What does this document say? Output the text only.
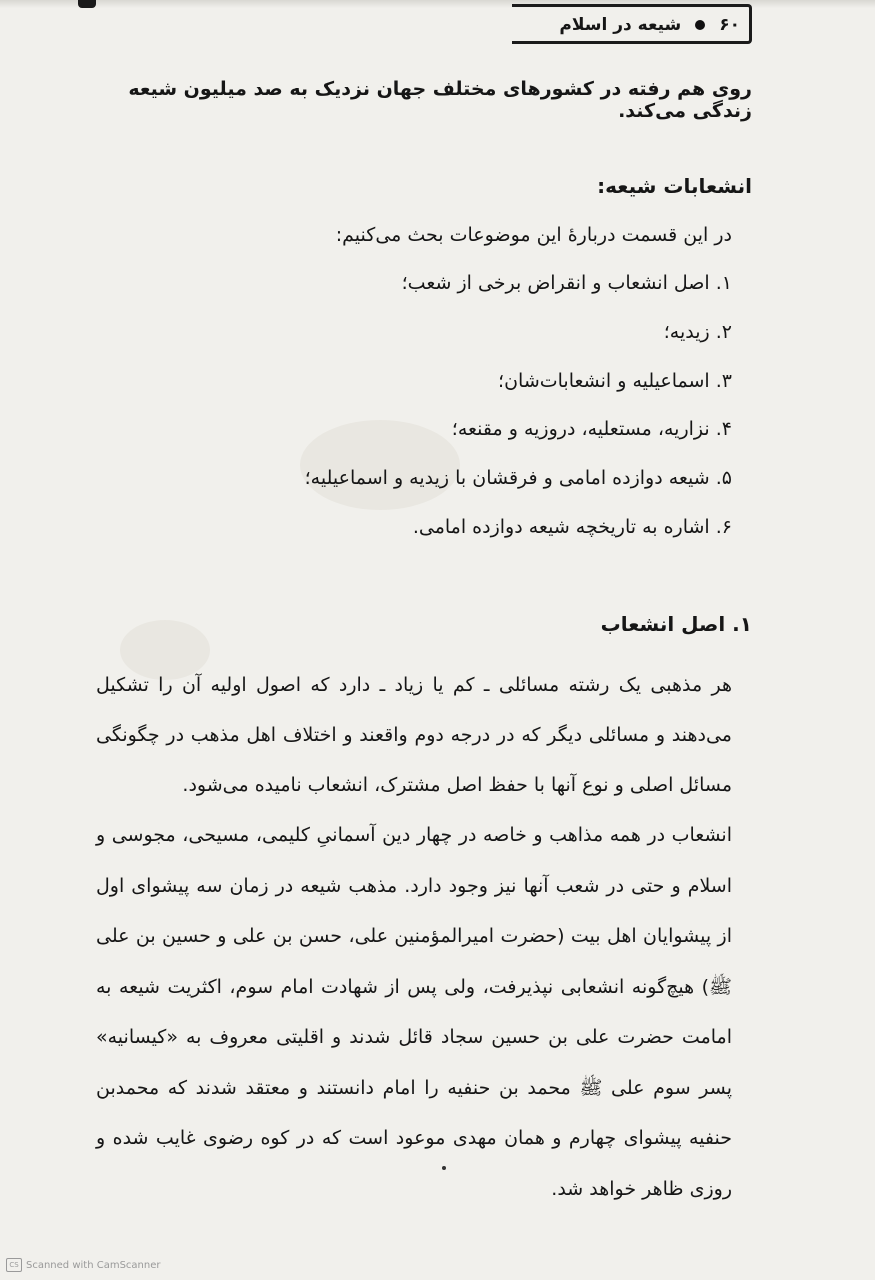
۶۰
شیعه در اسلام
روی هم رفته در کشورهای مختلف جهان نزدیک به صد میلیون شیعه زندگی می‌کند.
انشعابات شیعه:
در این قسمت دربارهٔ این موضوعات بحث می‌کنیم:
۱. اصل انشعاب و انقراض برخی از شعب؛
۲. زیدیه؛
۳. اسماعیلیه و انشعابات‌شان؛
۴. نزاریه، مستعلیه، دروزیه و مقنعه؛
۵. شیعه دوازده امامی و فرقشان با زیدیه و اسماعیلیه؛
۶. اشاره به تاریخچه شیعه دوازده امامی.
۱. اصل انشعاب
هر مذهبی یک رشته مسائلی ـ کم یا زیاد ـ دارد که اصول اولیه آن را تشکیل می‌دهند و مسائلی دیگر که در درجه دوم واقعند و اختلاف اهل مذهب در چگونگی مسائل اصلی و نوع آنها با حفظ اصل مشترک، انشعاب نامیده می‌شود.
انشعاب در همه مذاهب و خاصه در چهار دین آسمانیِ کلیمی، مسیحی، مجوسی و اسلام و حتی در شعب آنها نیز وجود دارد. مذهب شیعه در زمان سه پیشوای اول از پیشوایان اهل بیت (حضرت امیرالمؤمنین علی، حسن بن علی و حسین بن علی ﷺ) هیچ‌گونه انشعابی نپذیرفت، ولی پس از شهادت امام سوم، اکثریت شیعه به امامت حضرت علی بن حسین سجاد قائل شدند و اقلیتی معروف به «کیسانیه» پسر سوم علی ﷺ محمد بن حنفیه را امام دانستند و معتقد شدند که محمدبن حنفیه پیشوای چهارم و همان مهدی موعود است که در کوه رضوی غایب شده و روزی ظاهر خواهد شد.
CS Scanned with CamScanner
